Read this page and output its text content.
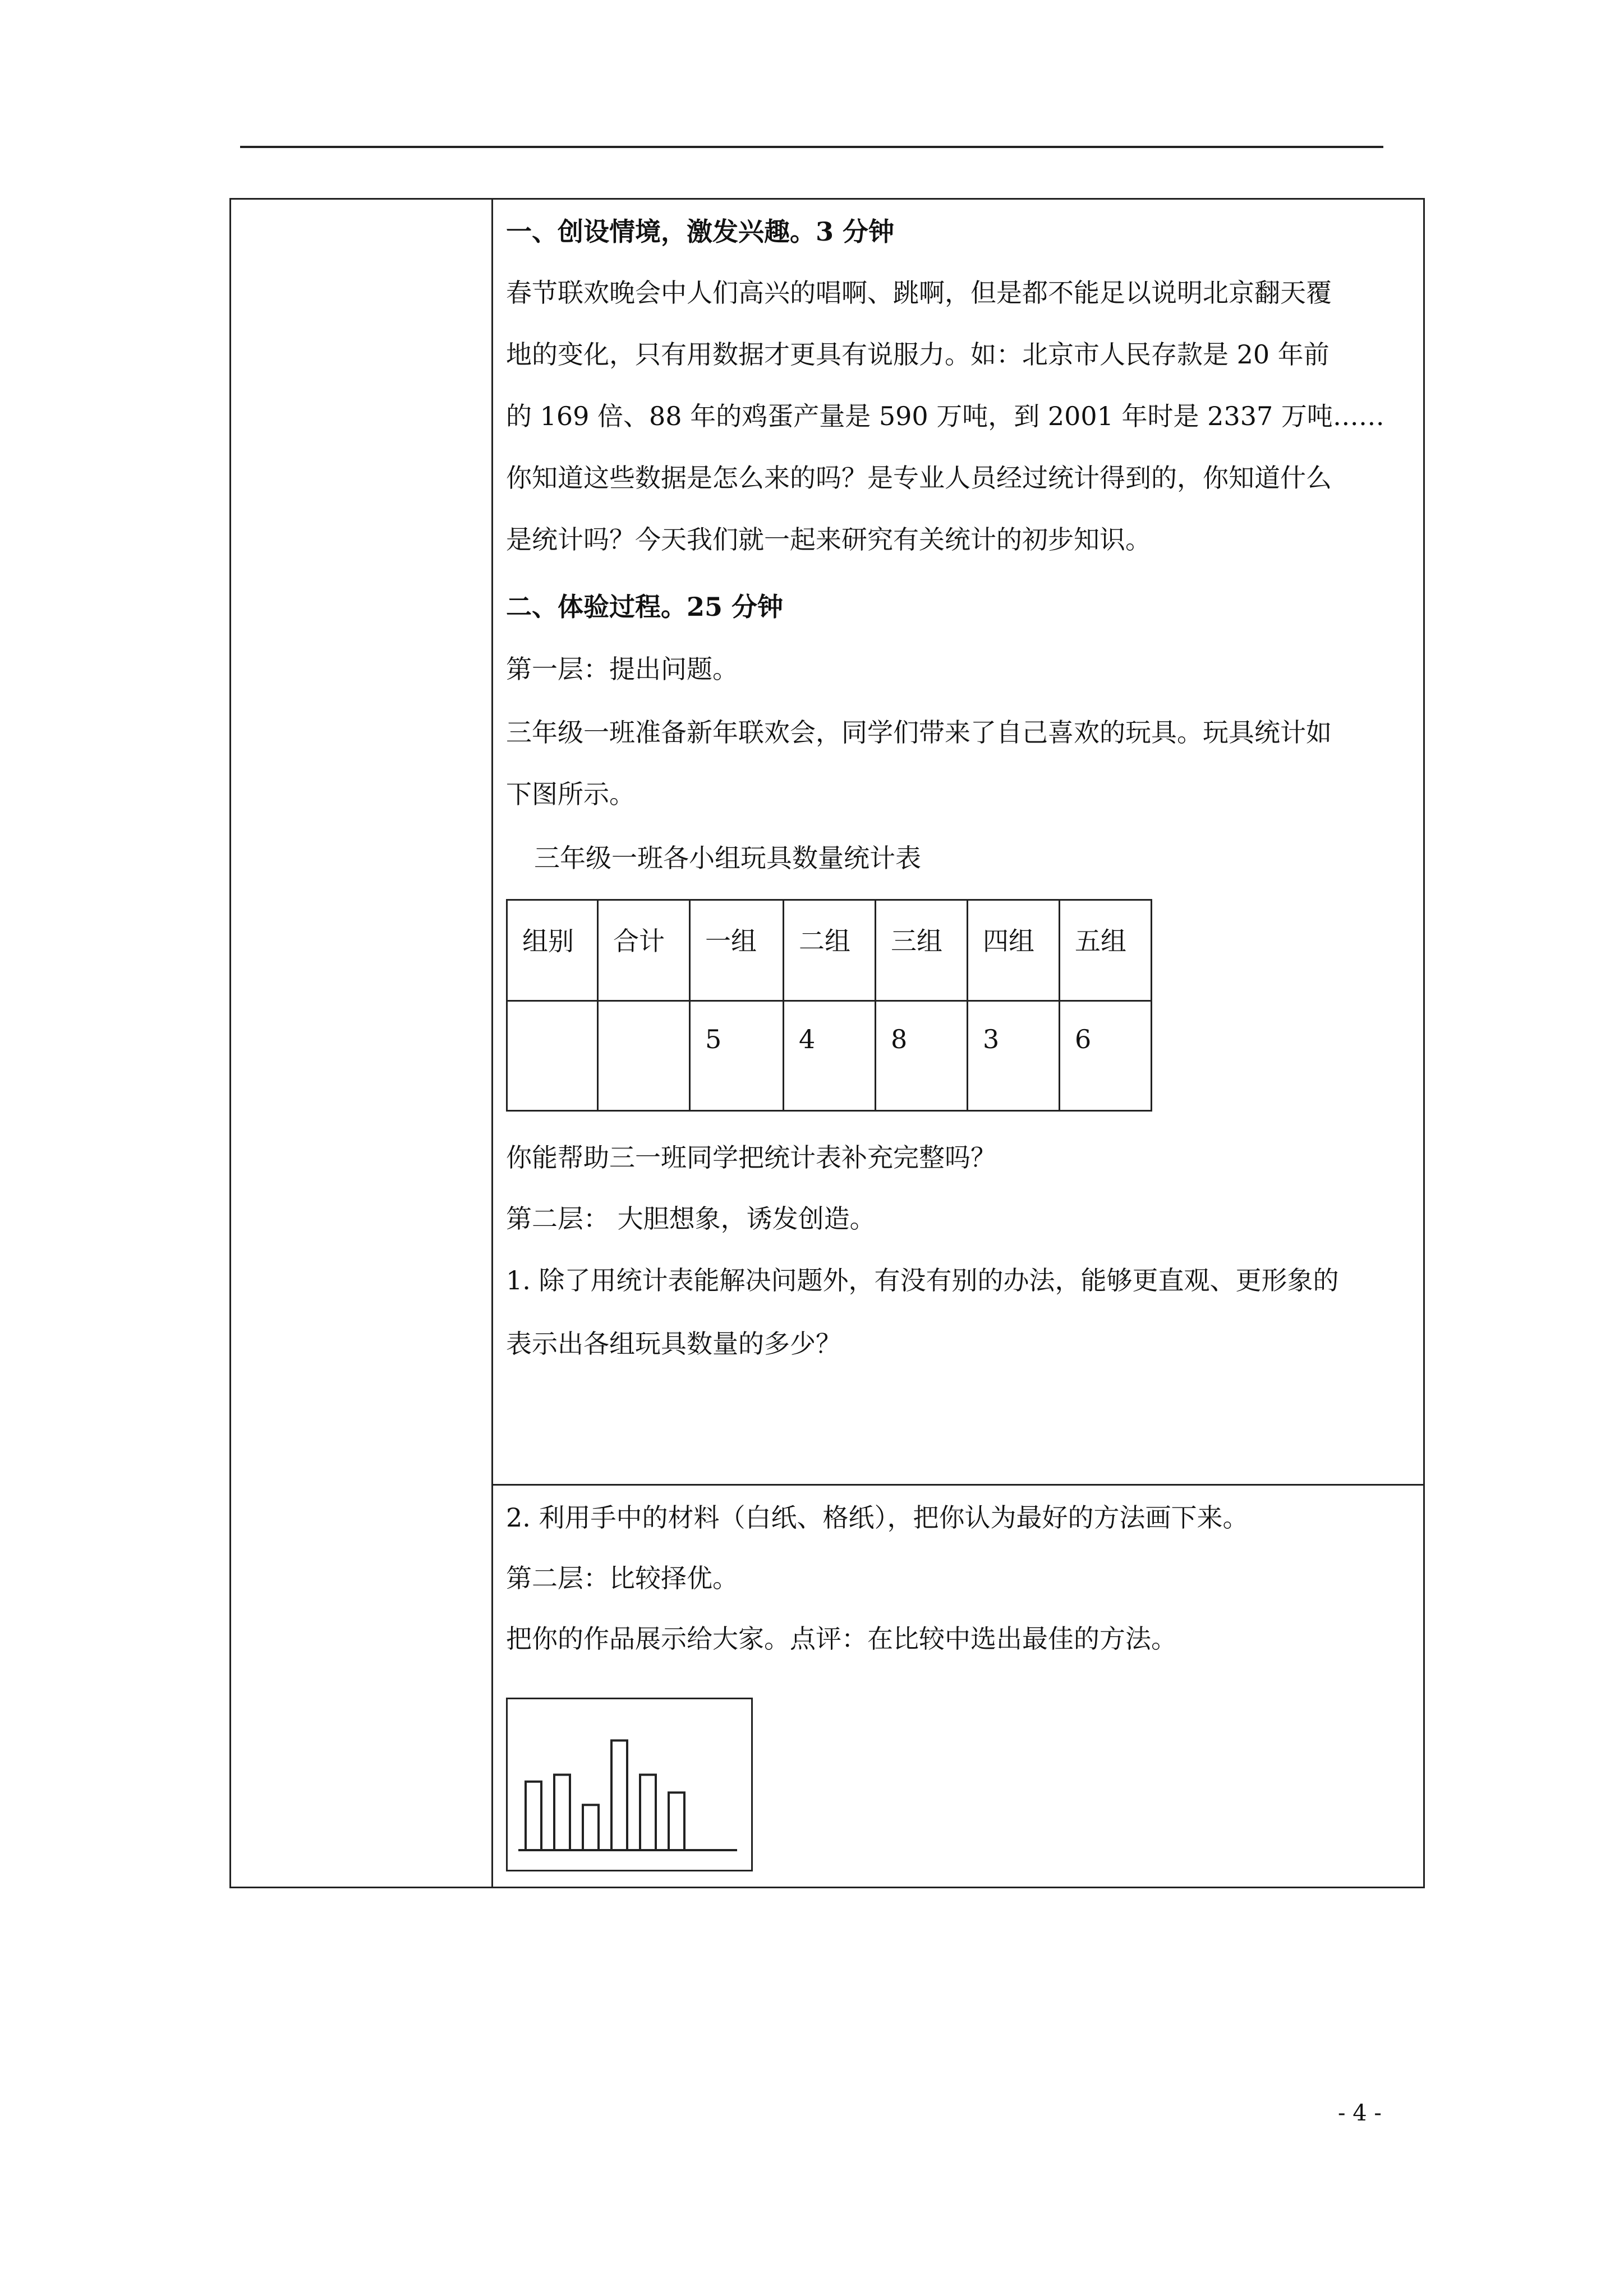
一、创设情境，激发兴趣。3 分钟
春节联欢晚会中人们高兴的唱啊、跳啊，但是都不能足以说明北京翻天覆
地的变化，只有用数据才更具有说服力。如：北京市人民存款是 20 年前
的 169 倍、88 年的鸡蛋产量是 590 万吨，到 2001 年时是 2337 万吨……
你知道这些数据是怎么来的吗？是专业人员经过统计得到的，你知道什么
是统计吗？今天我们就一起来研究有关统计的初步知识。
二、体验过程。25 分钟
第一层：提出问题。
三年级一班准备新年联欢会，同学们带来了自己喜欢的玩具。玩具统计如
下图所示。
三年级一班各小组玩具数量统计表
组别	合计	一组	二组	三组	四组	五组
		5	4	8	3	6
你能帮助三一班同学把统计表补充完整吗？
第二层： 大胆想象，诱发创造。
1. 除了用统计表能解决问题外，有没有别的办法，能够更直观、更形象的
表示出各组玩具数量的多少？
2. 利用手中的材料（白纸、格纸），把你认为最好的方法画下来。
第二层：比较择优。
把你的作品展示给大家。点评：在比较中选出最佳的方法。
- 4 -
